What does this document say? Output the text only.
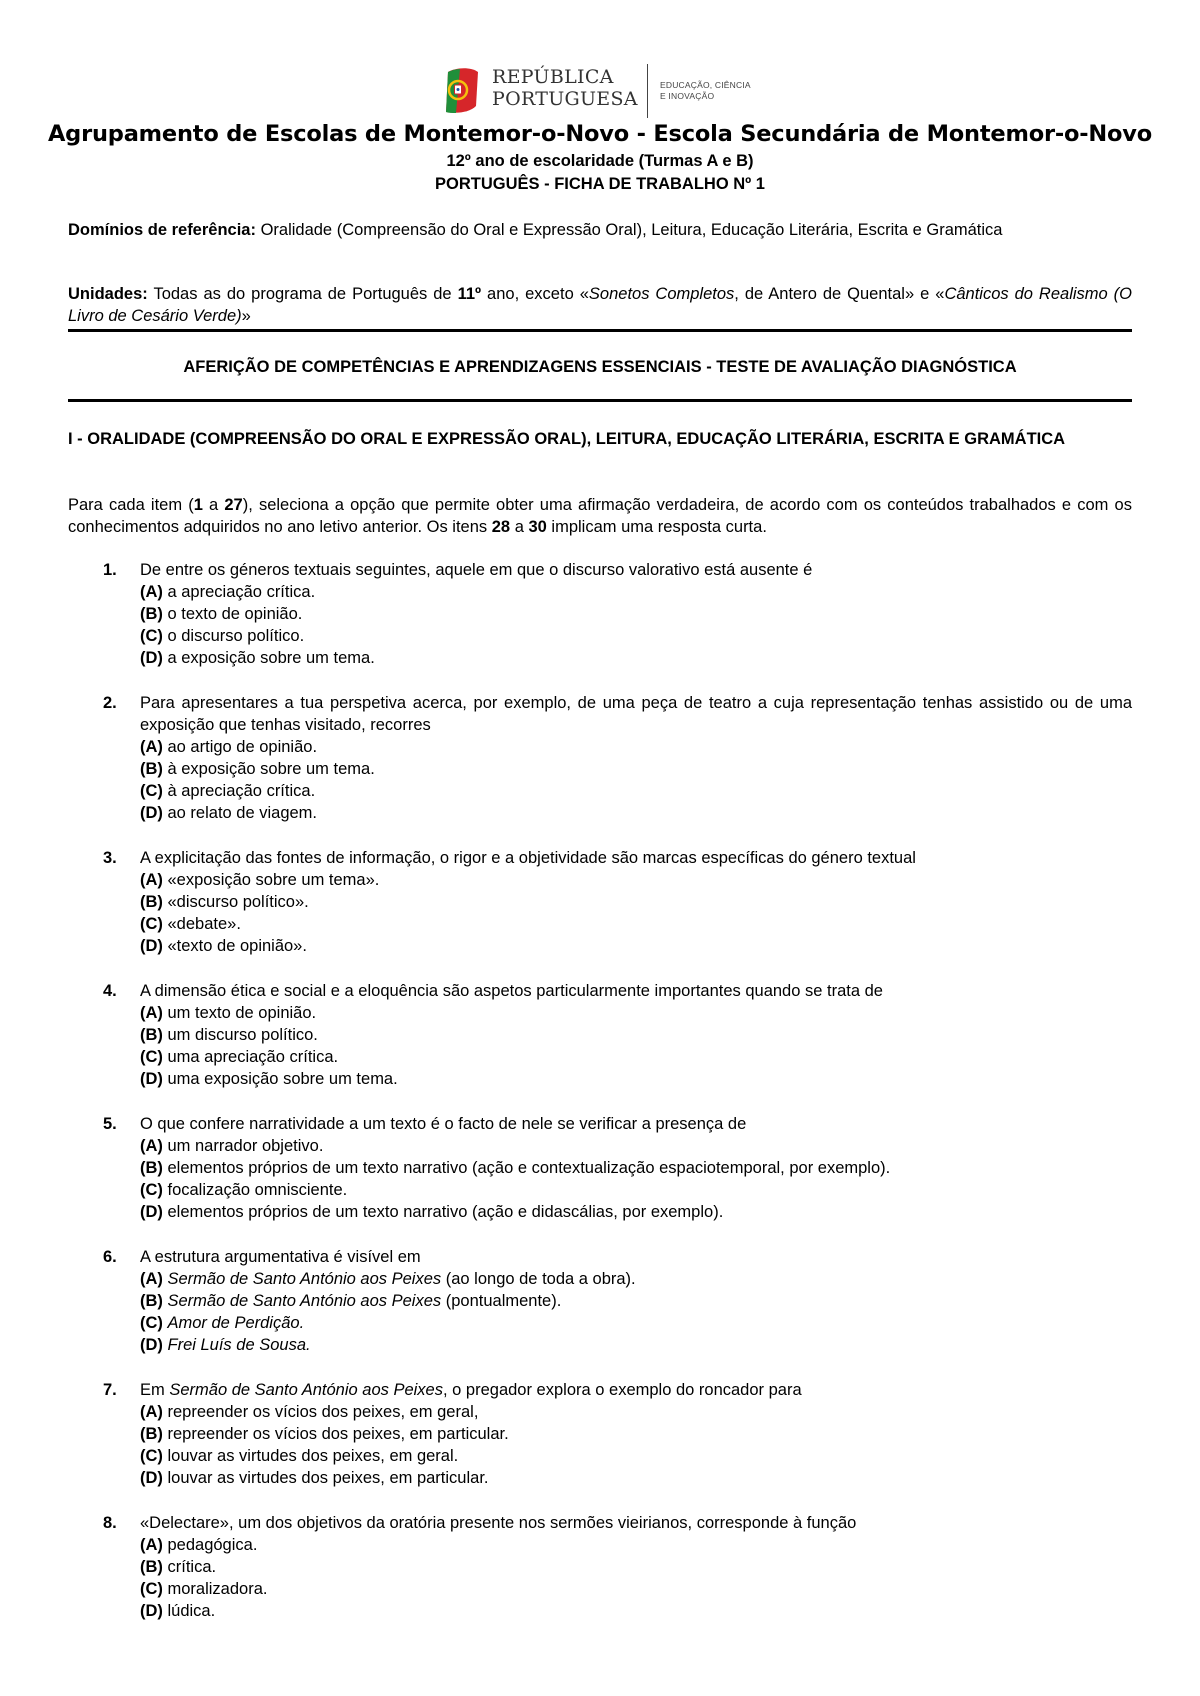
REPÚBLICA
PORTUGUESA
EDUCAÇÃO, CIÊNCIA
E INOVAÇÃO
Agrupamento de Escolas de Montemor-o-Novo - Escola Secundária de Montemor-o-Novo
12º ano de escolaridade (Turmas A e B)
PORTUGUÊS - FICHA DE TRABALHO Nº 1
Domínios de referência: Oralidade (Compreensão do Oral e Expressão Oral), Leitura, Educação Literária, Escrita e Gramática
Unidades: Todas as do programa de Português de 11º ano, exceto «Sonetos Completos, de Antero de Quental» e «Cânticos do Realismo (O Livro de Cesário Verde)»
AFERIÇÃO DE COMPETÊNCIAS E APRENDIZAGENS ESSENCIAIS - TESTE DE AVALIAÇÃO DIAGNÓSTICA
I - ORALIDADE (COMPREENSÃO DO ORAL E EXPRESSÃO ORAL), LEITURA, EDUCAÇÃO LITERÁRIA, ESCRITA E GRAMÁTICA
Para cada item (1 a 27), seleciona a opção que permite obter uma afirmação verdadeira, de acordo com os conteúdos trabalhados e com os conhecimentos adquiridos no ano letivo anterior. Os itens 28 a 30 implicam uma resposta curta.
1. De entre os géneros textuais seguintes, aquele em que o discurso valorativo está ausente é
(A) a apreciação crítica.
(B) o texto de opinião.
(C) o discurso político.
(D) a exposição sobre um tema.
2. Para apresentares a tua perspetiva acerca, por exemplo, de uma peça de teatro a cuja representação tenhas assistido ou de uma exposição que tenhas visitado, recorres
(A) ao artigo de opinião.
(B) à exposição sobre um tema.
(C) à apreciação crítica.
(D) ao relato de viagem.
3. A explicitação das fontes de informação, o rigor e a objetividade são marcas específicas do género textual
(A) «exposição sobre um tema».
(B) «discurso político».
(C) «debate».
(D) «texto de opinião».
4. A dimensão ética e social e a eloquência são aspetos particularmente importantes quando se trata de
(A) um texto de opinião.
(B) um discurso político.
(C) uma apreciação crítica.
(D) uma exposição sobre um tema.
5. O que confere narratividade a um texto é o facto de nele se verificar a presença de
(A) um narrador objetivo.
(B) elementos próprios de um texto narrativo (ação e contextualização espaciotemporal, por exemplo).
(C) focalização omnisciente.
(D) elementos próprios de um texto narrativo (ação e didascálias, por exemplo).
6. A estrutura argumentativa é visível em
(A) Sermão de Santo António aos Peixes (ao longo de toda a obra).
(B) Sermão de Santo António aos Peixes (pontualmente).
(C) Amor de Perdição.
(D) Frei Luís de Sousa.
7. Em Sermão de Santo António aos Peixes, o pregador explora o exemplo do roncador para
(A) repreender os vícios dos peixes, em geral,
(B) repreender os vícios dos peixes, em particular.
(C) louvar as virtudes dos peixes, em geral.
(D) louvar as virtudes dos peixes, em particular.
8. «Delectare», um dos objetivos da oratória presente nos sermões vieirianos, corresponde à função
(A) pedagógica.
(B) crítica.
(C) moralizadora.
(D) lúdica.
